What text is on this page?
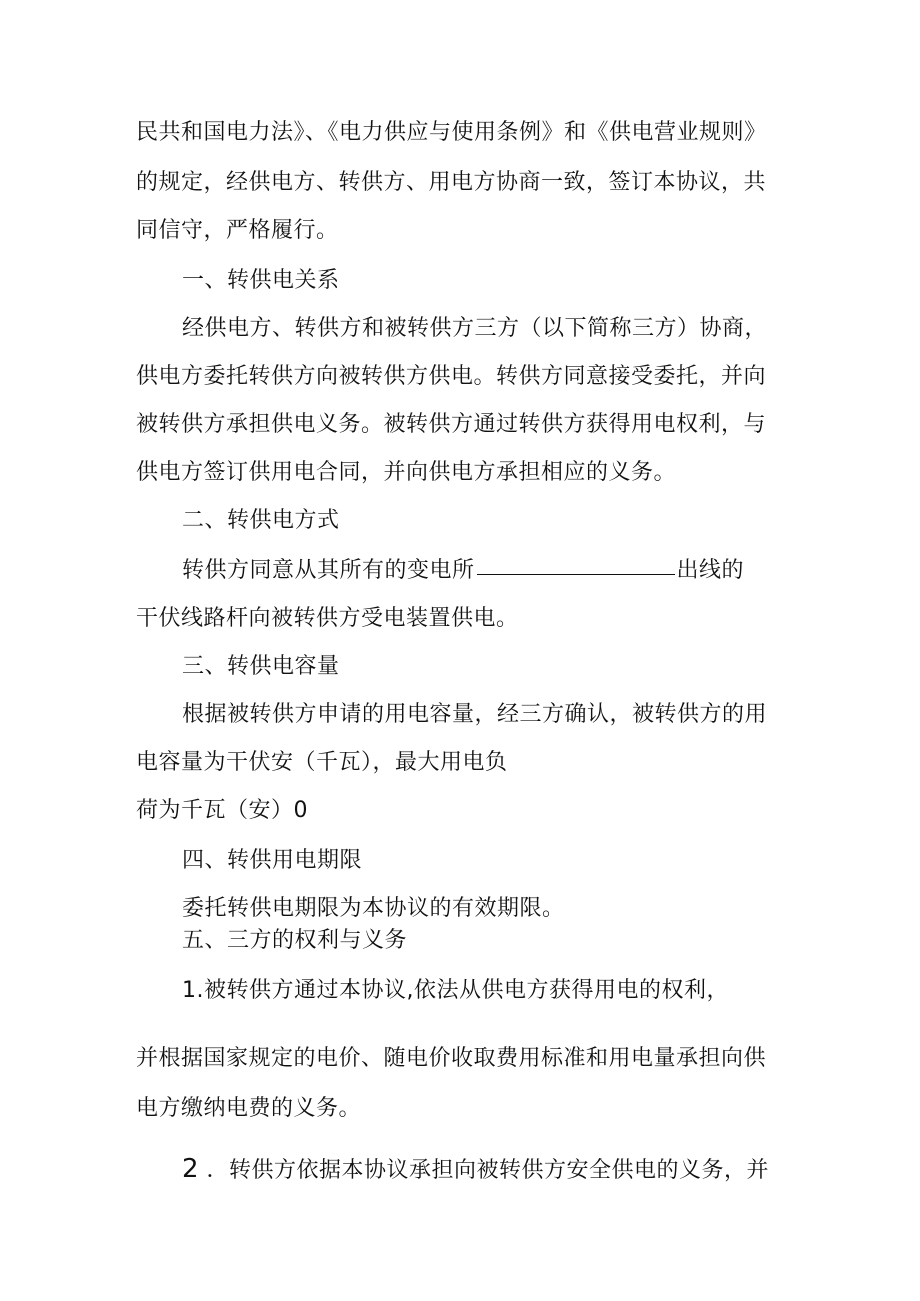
民共和国电力法》、《电力供应与使用条例》和《供电营业规则》
的规定，经供电方、转供方、用电方协商一致，签订本协议，共
同信守，严格履行。
一、转供电关系
经供电方、转供方和被转供方三方（以下简称三方）协商，
供电方委托转供方向被转供方供电。转供方同意接受委托，并向
被转供方承担供电义务。被转供方通过转供方获得用电权利，与
供电方签订供用电合同，并向供电方承担相应的义务。
二、转供电方式
转供方同意从其所有的变电所	出线的
干伏线路杆向被转供方受电装置供电。
三、转供电容量
根据被转供方申请的用电容量，经三方确认，被转供方的用
电容量为干伏安（千瓦），最大用电负
荷为千瓦（安）0
四、转供用电期限
委托转供电期限为本协议的有效期限。
五、三方的权利与义务
1.被转供方通过本协议,依法从供电方获得用电的权利，
并根据国家规定的电价、随电价收取费用标准和用电量承担向供
电方缴纳电费的义务。
2．转供方依据本协议承担向被转供方安全供电的义务，并
